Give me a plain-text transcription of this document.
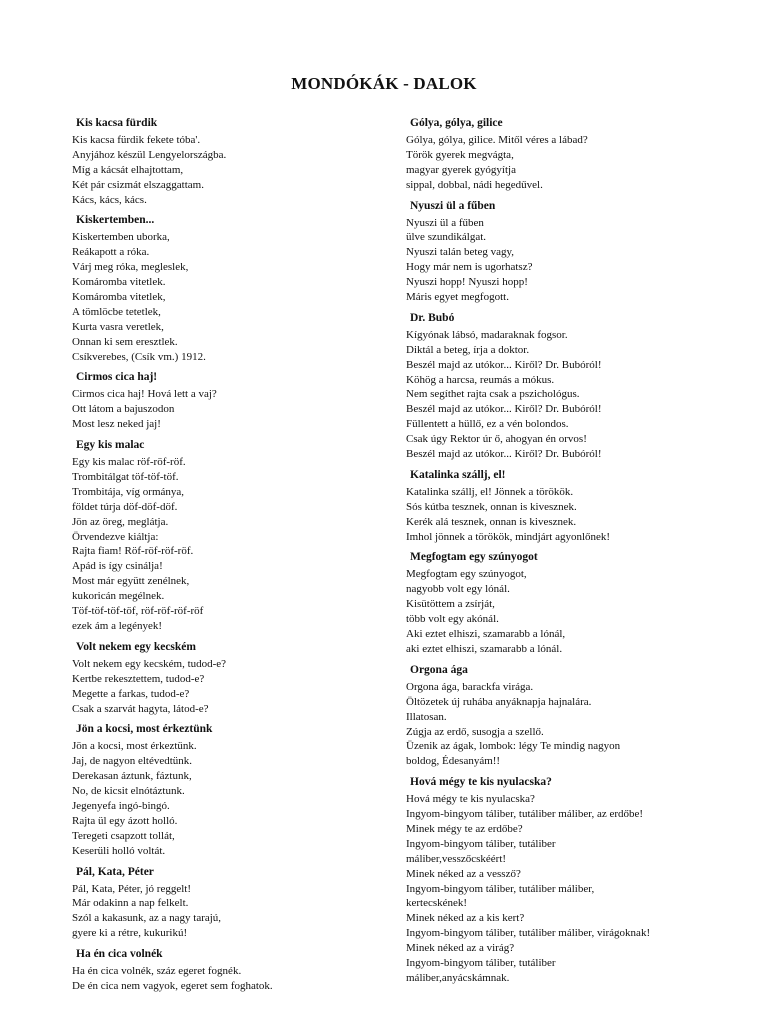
MONDÓKÁK - DALOK
Kis kacsa fürdik
Kis kacsa fürdik fekete tóba'.
Anyjához készül Lengyelországba.
Míg a kácsát elhajtottam,
Két pár csizmát elszaggattam.
Kács, kács, kács.
Kiskertemben...
Kiskertemben uborka,
Reákapott a róka.
Várj meg róka, megleslek,
Komáromba vitetlek.
Komáromba vitetlek,
A tömlöcbe tetetlek,
Kurta vasra veretlek,
Onnan ki sem eresztlek.
Csíkverebes, (Csík vm.) 1912.
Cirmos cica haj!
Cirmos cica haj! Hová lett a vaj?
Ott látom a bajuszodon
Most lesz neked jaj!
Egy kis malac
Egy kis malac röf-röf-röf.
Trombitálgat töf-töf-töf.
Trombitája, víg ormánya,
földet túrja döf-döf-döf.
Jön az öreg, meglátja.
Örvendezve kiáltja:
Rajta fiam! Röf-röf-röf-röf.
Apád is így csinálja!
Most már együtt zenélnek,
kukoricán megélnek.
Töf-töf-töf-töf, röf-röf-röf-röf
ezek ám a legények!
Volt nekem egy kecském
Volt nekem egy kecském, tudod-e?
Kertbe rekesztettem, tudod-e?
Megette a farkas, tudod-e?
Csak a szarvát hagyta, látod-e?
Jön a kocsi, most érkeztünk
Jön a kocsi, most érkeztünk.
Jaj, de nagyon eltévedtünk.
Derekasan áztunk, fáztunk,
No, de kicsit elnótáztunk.
Jegenyefa ingó-bingó.
Rajta ül egy ázott holló.
Teregeti csapzott tollát,
Keserüli holló voltát.
Pál, Kata, Péter
Pál, Kata, Péter, jó reggelt!
Már odakinn a nap felkelt.
Szól a kakasunk, az a nagy tarajú,
gyere ki a rétre, kukurikú!
Ha én cica volnék
Ha én cica volnék, száz egeret fognék.
De én cica nem vagyok, egeret sem foghatok.
Gólya, gólya, gilice
Gólya, gólya, gilice. Mitől véres a lábad?
Török gyerek megvágta,
magyar gyerek gyógyítja
sippal, dobbal, nádi hegedűvel.
Nyuszi ül a fűben
Nyuszi ül a fűben
ülve szundikálgat.
Nyuszi talán beteg vagy,
Hogy már nem is ugorhatsz?
Nyuszi hopp! Nyuszi hopp!
Máris egyet megfogott.
Dr. Bubó
Kígyónak lábsó, madaraknak fogsor.
Diktál a beteg, írja a doktor.
Beszél majd az utókor... Kiről? Dr. Bubóról!
Köhög a harcsa, reumás a mókus.
Nem segíthet rajta csak a pszichológus.
Beszél majd az utókor... Kiről? Dr. Bubóról!
Füllentett a hüllő, ez a vén bolondos.
Csak úgy Rektor úr ő, ahogyan én orvos!
Beszél majd az utókor... Kiről? Dr. Bubóról!
Katalinka szállj, el!
Katalinka szállj, el! Jönnek a törökök.
Sós kútba tesznek, onnan is kivesznek.
Kerék alá tesznek, onnan is kivesznek.
Imhol jönnek a törökök, mindjárt agyonlőnek!
Megfogtam egy szúnyogot
Megfogtam egy szúnyogot,
nagyobb volt egy lónál.
Kisütöttem a zsírját,
több volt egy akónál.
Aki eztet elhiszi, szamarabb a lónál,
aki eztet elhiszi, szamarabb a lónál.
Orgona ága
Orgona ága, barackfa virága.
Öltözetek új ruhába anyáknapja hajnalára.
Illatosan.
Zúgja az erdő, susogja a szellő.
Üzenik az ágak, lombok: légy Te mindig nagyon
boldog, Édesanyám!!
Hová mégy te kis nyulacska?
Hová mégy te kis nyulacska?
Ingyom-bingyom táliber, tutáliber máliber, az erdőbe!
Minek mégy te az erdőbe?
Ingyom-bingyom táliber, tutáliber
máliber,vesszőcskéért!
Minek néked az a vessző?
Ingyom-bingyom táliber, tutáliber máliber,
kertecskének!
Minek néked az a kis kert?
Ingyom-bingyom táliber, tutáliber máliber, virágoknak!
Minek néked az a virág?
Ingyom-bingyom táliber, tutáliber
máliber,anyácskámnak.
